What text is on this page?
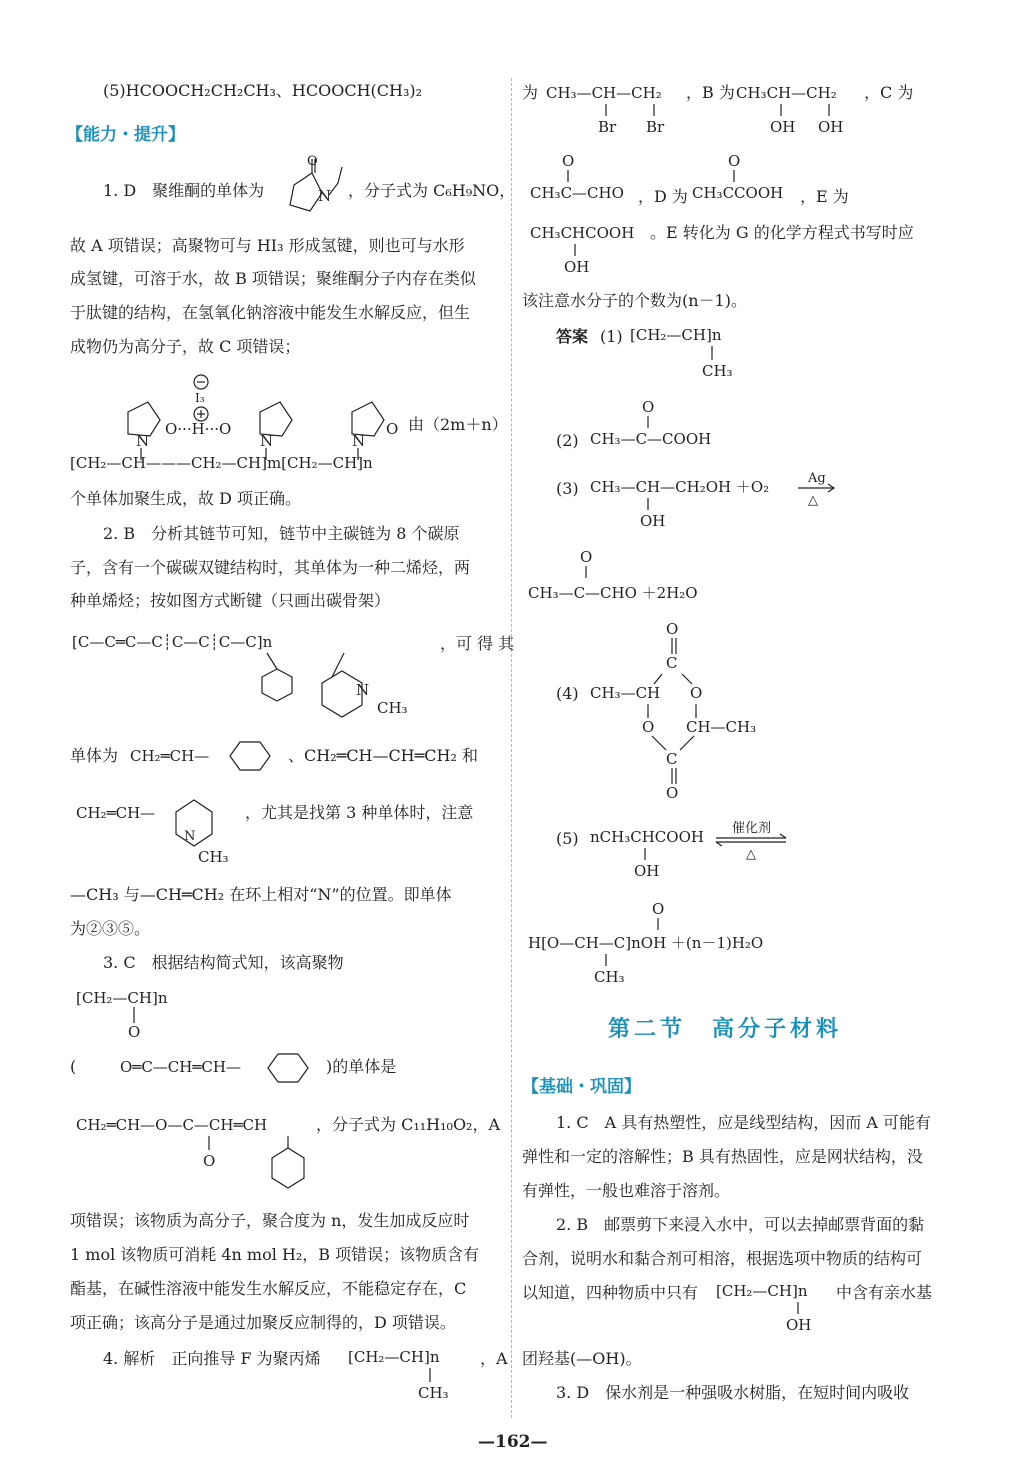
(5)HCOOCH₂CH₂CH₃、HCOOCH(CH₃)₂
【能力・提升】
1. D　聚维酮的单体为
O
N ，分子式为 C₆H₉NO，
故 A 项错误；高聚物可与 HI₃ 形成氢键，则也可与水形
成氢键，可溶于水，故 B 项错误；聚维酮分子内存在类似
于肽键的结构，在氢氧化钠溶液中能发生水解反应，但生
成物仍为高分子，故 C 项错误；
I₃
N
O···H···O
N	N
O
[CH₂—CH———CH₂—CH]m[CH₂—CH]n
由（2m＋n）
个单体加聚生成，故 D 项正确。
2. B　分析其链节可知，链节中主碳链为 8 个碳原
子，含有一个碳碳双键结构时，其单体为一种二烯烃，两
种单烯烃；按如图方式断键（只画出碳骨架）
[C—C═C—C┊C—C┊C—C]n
N
CH₃
，可 得 其
单体为 CH₂═CH—	、CH₂═CH—CH═CH₂ 和
CH₂═CH—
N
CH₃
，尤其是找第 3 种单体时，注意
—CH₃ 与—CH═CH₂ 在环上相对“N”的位置。即单体
为②③⑤。
3. C　根据结构简式知，该高聚物
[CH₂—CH]n
O
(	O═C—CH═CH—	)的单体是
CH₂═CH—O—C—CH═CH
O
，分子式为 C₁₁H₁₀O₂，A
项错误；该物质为高分子，聚合度为 n，发生加成反应时
1 mol 该物质可消耗 4n mol H₂，B 项错误；该物质含有
酯基，在碱性溶液中能发生水解反应，不能稳定存在，C
项正确；该高分子是通过加聚反应制得的，D 项错误。
4. 解析　正向推导 F 为聚丙烯 [CH₂—CH]n
CH₃
，A
为 CH₃—CH—CH₂
Br Br
，B 为 CH₃CH—CH₂
OH OH
，C 为
O
CH₃C—CHO ，D 为
O
CH₃CCOOH ，E 为
CH₃CHCOOH
OH
。E 转化为 G 的化学方程式书写时应
该注意水分子的个数为(n－1)。
答案 (1) [CH₂—CH]n
CH₃
(2)
O
CH₃—C—COOH
(3) CH₃—CH—CH₂OH ＋O₂
OH
Ag
△
O
CH₃—C—CHO ＋2H₂O
(4)
O
C
CH₃—CH O
O CH—CH₃
C
O
(5) nCH₃CHCOOH
OH
催化剂
△
O
H[O—CH—C]nOH ＋(n－1)H₂O
CH₃
第二节　高分子材料
【基础・巩固】
1. C　A 具有热塑性，应是线型结构，因而 A 可能有
弹性和一定的溶解性；B 具有热固性，应是网状结构，没
有弹性，一般也难溶于溶剂。
2. B　邮票剪下来浸入水中，可以去掉邮票背面的黏
合剂，说明水和黏合剂可相溶，根据选项中物质的结构可
以知道，四种物质中只有 [CH₂—CH]n
OH
中含有亲水基
团羟基(—OH)。
3. D　保水剂是一种强吸水树脂，在短时间内吸收
—162—
